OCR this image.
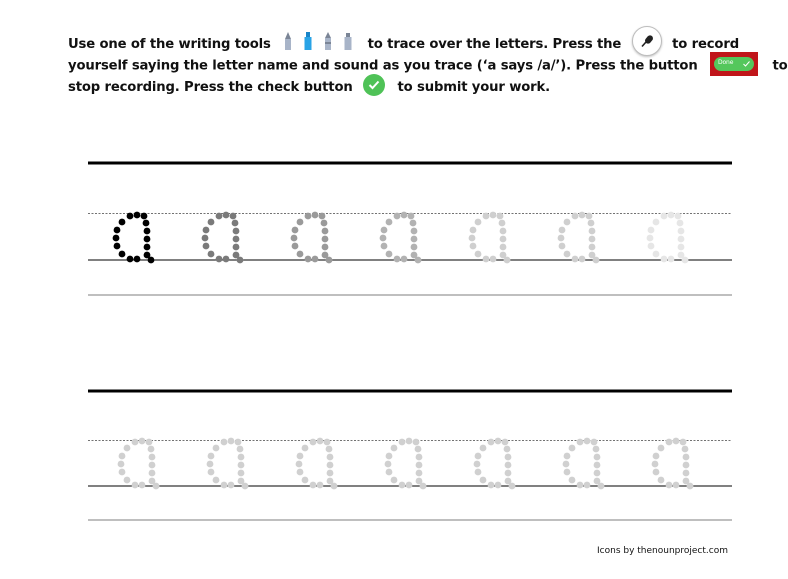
Use one of the writing tools	to trace over the letters. Press the	to record
yourself saying the letter name and sound as you trace (‘a says /a/’). Press the button	Done	to
stop recording. Press the check button	to submit your work.
Icons by thenounproject.com
